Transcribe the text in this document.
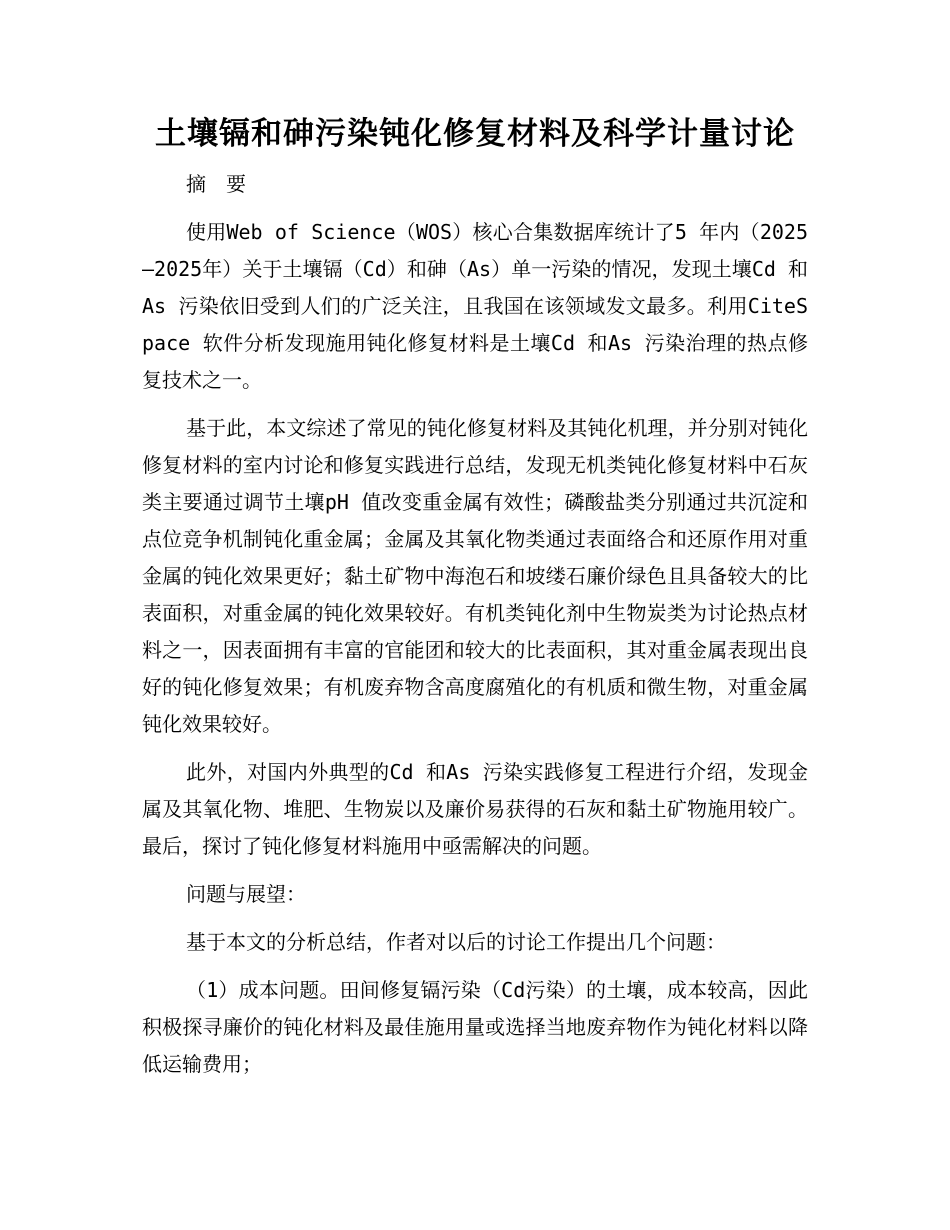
土壤镉和砷污染钝化修复材料及科学计量讨论

摘 要

使用Web of Science（WOS）核心合集数据库统计了5 年内（2025—2025年）关于土壤镉（Cd）和砷（As）单一污染的情况，发现土壤Cd 和As 污染依旧受到人们的广泛关注，且我国在该领域发文最多。利用CiteSpace 软件分析发现施用钝化修复材料是土壤Cd 和As 污染治理的热点修复技术之一。

基于此，本文综述了常见的钝化修复材料及其钝化机理，并分别对钝化修复材料的室内讨论和修复实践进行总结，发现无机类钝化修复材料中石灰类主要通过调节土壤pH 值改变重金属有效性；磷酸盐类分别通过共沉淀和点位竞争机制钝化重金属；金属及其氧化物类通过表面络合和还原作用对重金属的钝化效果更好；黏土矿物中海泡石和坡缕石廉价绿色且具备较大的比表面积，对重金属的钝化效果较好。有机类钝化剂中生物炭类为讨论热点材料之一，因表面拥有丰富的官能团和较大的比表面积，其对重金属表现出良好的钝化修复效果；有机废弃物含高度腐殖化的有机质和微生物，对重金属钝化效果较好。

此外，对国内外典型的Cd 和As 污染实践修复工程进行介绍，发现金属及其氧化物、堆肥、生物炭以及廉价易获得的石灰和黏土矿物施用较广。最后，探讨了钝化修复材料施用中亟需解决的问题。

问题与展望：

基于本文的分析总结，作者对以后的讨论工作提出几个问题：

（1）成本问题。田间修复镉污染（Cd污染）的土壤，成本较高，因此积极探寻廉价的钝化材料及最佳施用量或选择当地废弃物作为钝化材料以降低运输费用；
